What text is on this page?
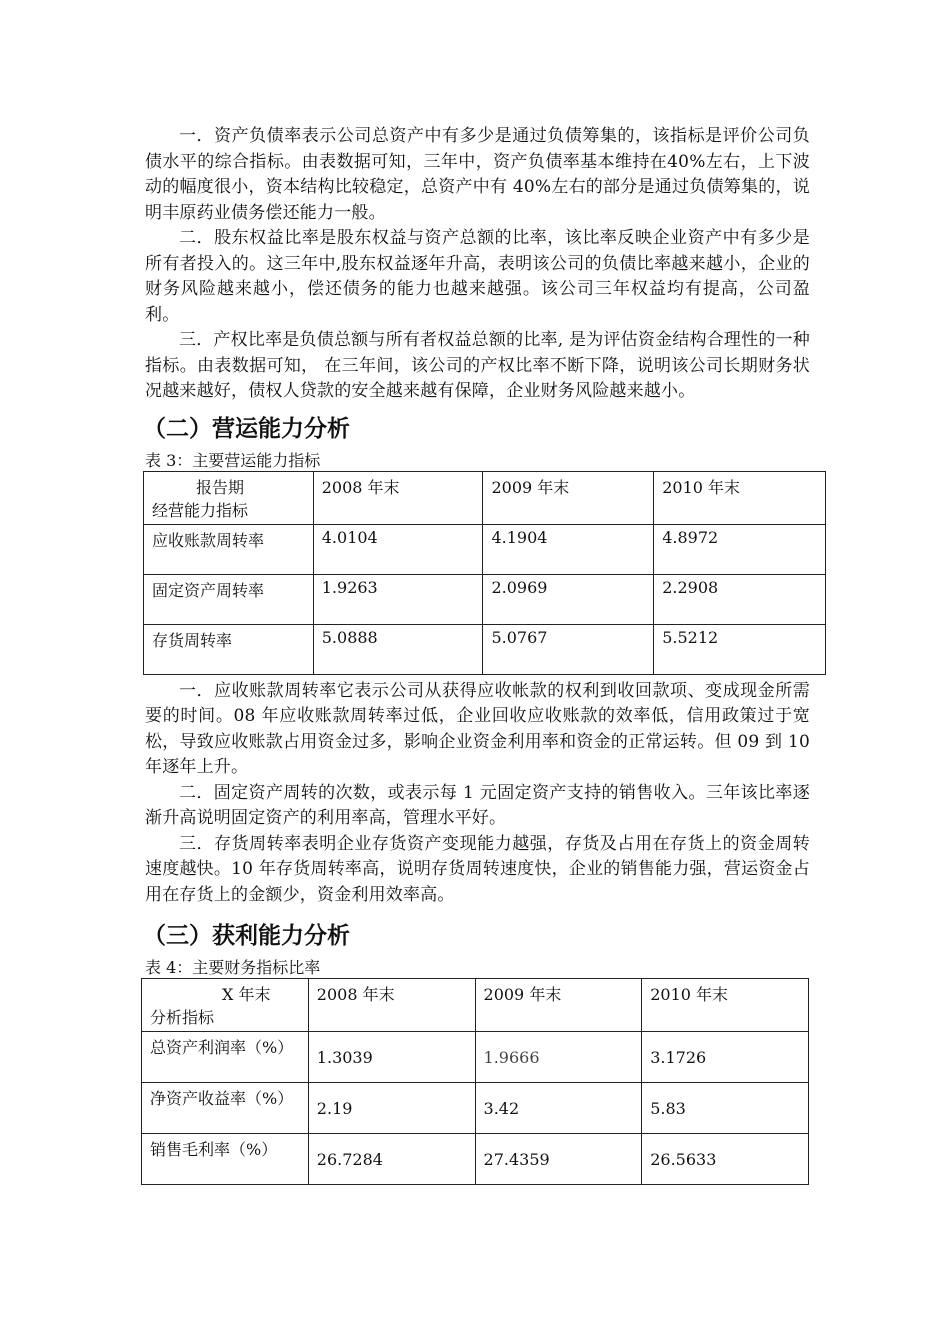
一．资产负债率表示公司总资产中有多少是通过负债筹集的，该指标是评价公司负债水平的综合指标。由表数据可知，三年中，资产负债率基本维持在40%左右，上下波动的幅度很小，资本结构比较稳定，总资产中有 40%左右的部分是通过负债筹集的，说明丰原药业债务偿还能力一般。

二．股东权益比率是股东权益与资产总额的比率，该比率反映企业资产中有多少是所有者投入的。这三年中,股东权益逐年升高，表明该公司的负债比率越来越小，企业的财务风险越来越小，偿还债务的能力也越来越强。该公司三年权益均有提高，公司盈利。

三．产权比率是负债总额与所有者权益总额的比率, 是为评估资金结构合理性的一种指标。由表数据可知， 在三年间，该公司的产权比率不断下降，说明该公司长期财务状况越来越好，债权人贷款的安全越来越有保障，企业财务风险越来越小。

（二）营运能力分析

表 3：主要营运能力指标

报告期
经营能力指标	2008 年末	2009 年末	2010 年末
应收账款周转率	4.0104	4.1904	4.8972
固定资产周转率	1.9263	2.0969	2.2908
存货周转率	5.0888	5.0767	5.5212

一．应收账款周转率它表示公司从获得应收帐款的权利到收回款项、变成现金所需要的时间。08 年应收账款周转率过低，企业回收应收账款的效率低，信用政策过于宽松，导致应收账款占用资金过多，影响企业资金利用率和资金的正常运转。但 09 到 10 年逐年上升。

二．固定资产周转的次数，或表示每 1 元固定资产支持的销售收入。三年该比率逐渐升高说明固定资产的利用率高，管理水平好。

三．存货周转率表明企业存货资产变现能力越强，存货及占用在存货上的资金周转速度越快。10 年存货周转率高，说明存货周转速度快，企业的销售能力强，营运资金占用在存货上的金额少，资金利用效率高。

（三）获利能力分析

表 4：主要财务指标比率

X 年末
分析指标	2008 年末	2009 年末	2010 年末
总资产利润率（%）	1.3039	1.9666	3.1726
净资产收益率（%）	2.19	3.42	5.83
销售毛利率（%）	26.7284	27.4359	26.5633
